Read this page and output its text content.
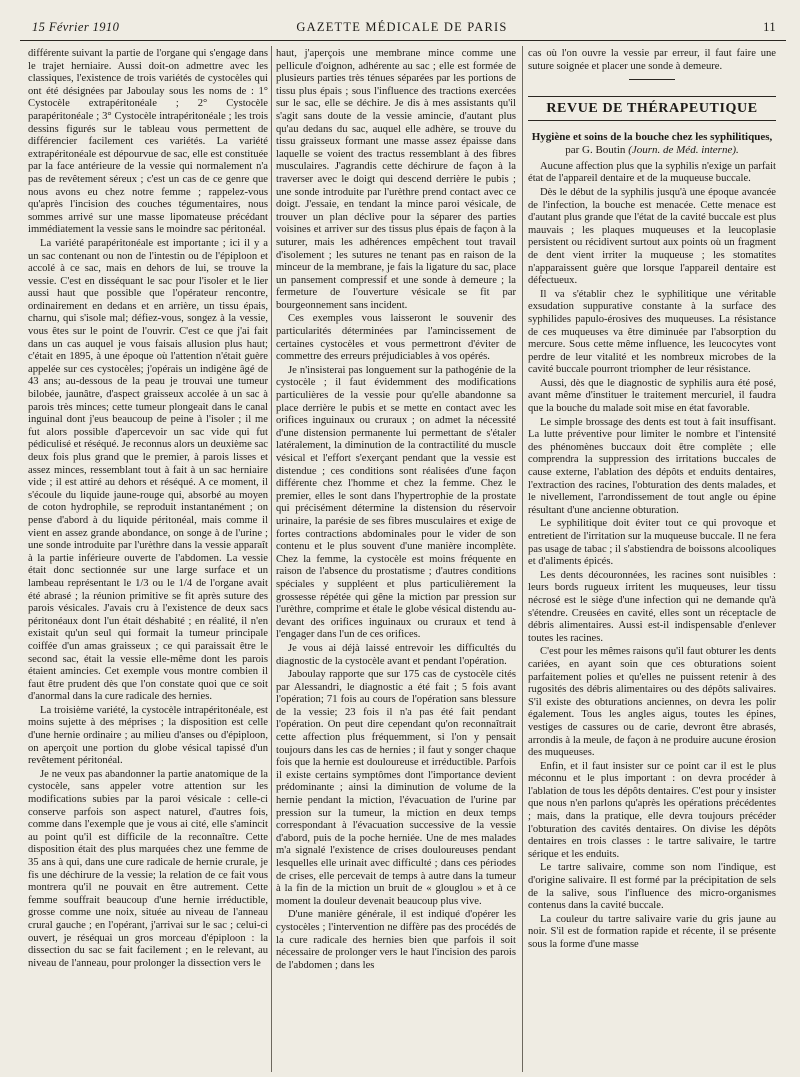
15 Février 1910	GAZETTE MÉDICALE DE PARIS	11

différente suivant la partie de l'organe qui s'engage dans le trajet herniaire. Aussi doit-on admettre avec les classiques, l'existence de trois variétés de cystocèles qui ont été désignées par Jaboulay sous les noms de : 1° Cystocèle extrapéritonéale ; 2° Cystocèle parapéritonéale ; 3° Cystocèle intrapéritonéale ; les trois dessins figurés sur le tableau vous permettent de différencier facilement ces variétés. La variété extrapéritonéale est dépourvue de sac, elle est constituée par la face antérieure de la vessie qui normalement n'a pas de revêtement séreux ; c'est un cas de ce genre que nous avons eu chez notre femme ; rappelez-vous qu'après l'incision des couches tégumentaires, nous sommes arrivé sur une masse lipomateuse précédant immédiatement la vessie sans le moindre sac péritonéal.

La variété parapéritonéale est importante ; ici il y a un sac contenant ou non de l'intestin ou de l'épiploon et accolé à ce sac, mais en dehors de lui, se trouve la vessie. C'est en disséquant le sac pour l'isoler et le lier aussi haut que possible que l'opérateur rencontre, ordinairement en dedans et en arrière, un tissu épais, charnu, qui s'isole mal; défiez-vous, songez à la vessie, vous êtes sur le point de l'ouvrir. C'est ce que j'ai fait dans un cas auquel je vous faisais allusion plus haut; c'était en 1895, à une époque où l'attention n'était guère appelée sur ces cystocèles; j'opérais un indigène âgé de 43 ans; au-dessous de la peau je trouvai une tumeur bilobée, jaunâtre, d'aspect graisseux accolée à un sac à parois très minces; cette tumeur plongeait dans le canal inguinal dont j'eus beaucoup de peine à l'isoler ; il me fut alors possible d'apercevoir un sac vide qui fut pédiculisé et réséqué. Je reconnus alors un deuxième sac deux fois plus grand que le premier, à parois lisses et assez minces, ressemblant tout à fait à un sac herniaire vide ; il est attiré au dehors et réséqué. A ce moment, il s'écoule du liquide jaune-rouge qui, absorbé au moyen de coton hydrophile, se reproduit instantanément ; on pense d'abord à du liquide péritonéal, mais comme il vient en assez grande abondance, on songe à de l'urine ; une sonde introduite par l'urèthre dans la vessie apparaît à la partie inférieure ouverte de l'abdomen. La vessie était donc sectionnée sur une large surface et un lambeau représentant le 1/3 ou le 1/4 de l'organe avait été abrasé ; la réunion primitive se fit après suture des parois vésicales. J'avais cru à l'existence de deux sacs péritonéaux dont l'un était déshabité ; en réalité, il n'en existait qu'un seul qui formait la tumeur principale coiffée d'un amas graisseux ; ce qui paraissait être le second sac, était la vessie elle-même dont les parois étaient amincies. Cet exemple vous montre combien il faut être prudent dès que l'on constate quoi que ce soit d'anormal dans la cure radicale des hernies.

La troisième variété, la cystocèle intrapéritonéale, est moins sujette à des méprises ; la disposition est celle d'une hernie ordinaire ; au milieu d'anses ou d'épiploon, on aperçoit une portion du globe vésical tapissé d'un revêtement péritonéal.

Je ne veux pas abandonner la partie anatomique de la cystocèle, sans appeler votre attention sur les modifications subies par la paroi vésicale : celle-ci conserve parfois son aspect naturel, d'autres fois, comme dans l'exemple que je vous ai cité, elle s'amincit au point qu'il est difficile de la reconnaître. Cette disposition était des plus marquées chez une femme de 35 ans à qui, dans une cure radicale de hernie crurale, je fis une déchirure de la vessie; la relation de ce fait vous montrera qu'il ne pouvait en être autrement. Cette femme souffrait beaucoup d'une hernie irréductible, grosse comme une noix, située au niveau de l'anneau crural gauche ; en l'opérant, j'arrivai sur le sac ; celui-ci ouvert, je réséquai un gros morceau d'épiploon : la dissection du sac se fait facilement ; en le relevant, au niveau de l'anneau, pour prolonger la dissection vers le

haut, j'aperçois une membrane mince comme une pellicule d'oignon, adhérente au sac ; elle est formée de plusieurs parties très ténues séparées par les portions de tissu plus épais ; sous l'influence des tractions exercées sur le sac, elle se déchire. Je dis à mes assistants qu'il s'agit sans doute de la vessie amincie, d'autant plus qu'au dedans du sac, auquel elle adhère, se trouve du tissu graisseux formant une masse assez épaisse dans laquelle se voient des tractus ressemblant à des fibres musculaires. J'agrandis cette déchirure de façon à la traverser avec le doigt qui descend derrière le pubis ; une sonde introduite par l'urèthre prend contact avec ce doigt. J'essaie, en tendant la mince paroi vésicale, de trouver un plan déclive pour la séparer des parties voisines et arriver sur des tissus plus épais de façon à la suturer, mais les adhérences empêchent tout travail d'isolement ; les sutures ne tenant pas en raison de la minceur de la membrane, je fais la ligature du sac, place un pansement compressif et une sonde à demeure ; la fermeture de l'ouverture vésicale se fit par bourgeonnement sans incident.

Ces exemples vous laisseront le souvenir des particularités déterminées par l'amincissement de certaines cystocèles et vous permettront d'éviter de commettre des erreurs préjudiciables à vos opérés.

Je n'insisterai pas longuement sur la pathogénie de la cystocèle ; il faut évidemment des modifications particulières de la vessie pour qu'elle abandonne sa place derrière le pubis et se mette en contact avec les orifices inguinaux ou cruraux ; on admet la nécessité d'une distension permanente lui permettant de s'étaler latéralement, la diminution de la contractilité du muscle vésical et l'effort s'exerçant pendant que la vessie est distendue ; ces conditions sont réalisées d'une façon différente chez l'homme et chez la femme. Chez le premier, elles le sont dans l'hypertrophie de la prostate qui précisément détermine la distension du réservoir urinaire, la parésie de ses fibres musculaires et exige de fortes contractions abdominales pour le vider de son contenu et le plus souvent d'une manière incomplète. Chez la femme, la cystocèle est moins fréquente en raison de l'absence du prostatisme ; d'autres conditions spéciales y suppléent et plus particulièrement la grossesse répétée qui gêne la miction par pression sur l'urèthre, comprime et étale le globe vésical distendu au-devant des orifices inguinaux ou cruraux et tend à l'engager dans l'un de ces orifices.

Je vous ai déjà laissé entrevoir les difficultés du diagnostic de la cystocèle avant et pendant l'opération.

Jaboulay rapporte que sur 175 cas de cystocèle cités par Alessandri, le diagnostic a été fait ; 5 fois avant l'opération; 71 fois au cours de l'opération sans blessure de la vessie; 23 fois il n'a pas été fait pendant l'opération. On peut dire cependant qu'on reconnaîtrait cette affection plus fréquemment, si l'on y pensait toujours dans les cas de hernies ; il faut y songer chaque fois que la hernie est douloureuse et irréductible. Parfois il existe certains symptômes dont l'importance devient prédominante ; ainsi la diminution de volume de la hernie pendant la miction, l'évacuation de l'urine par pression sur la tumeur, la miction en deux temps correspondant à l'évacuation successive de la vessie d'abord, puis de la poche herniée. Une de mes malades m'a signalé l'existence de crises douloureuses pendant lesquelles elle urinait avec difficulté ; dans ces périodes de crises, elle percevait de temps à autre dans la tumeur à la fin de la miction un bruit de « glouglou » et à ce moment la douleur devenait beaucoup plus vive.

D'une manière générale, il est indiqué d'opérer les cystocèles ; l'intervention ne diffère pas des procédés de la cure radicale des hernies bien que parfois il soit nécessaire de prolonger vers le haut l'incision des parois de l'abdomen ; dans les

cas où l'on ouvre la vessie par erreur, il faut faire une suture soignée et placer une sonde à demeure.

REVUE DE THÉRAPEUTIQUE
Hygiène et soins de la bouche chez les syphilitiques, par G. Boutin (Journ. de Méd. interne).

Aucune affection plus que la syphilis n'exige un parfait état de l'appareil dentaire et de la muqueuse buccale.

Dès le début de la syphilis jusqu'à une époque avancée de l'infection, la bouche est menacée. Cette menace est d'autant plus grande que l'état de la cavité buccale est plus mauvais ; les plaques muqueuses et la leucoplasie persistent ou récidivent surtout aux points où un fragment de dent vient irriter la muqueuse ; les stomatites n'apparaissent guère que lorsque l'appareil dentaire est défectueux.

Il va s'établir chez le syphilitique une véritable exsudation suppurative constante à la surface des syphilides papulo-érosives des muqueuses. La résistance de ces muqueuses va être diminuée par l'absorption du mercure. Sous cette même influence, les leucocytes vont perdre de leur vitalité et les nombreux microbes de la cavité buccale pourront triompher de leur résistance.

Aussi, dès que le diagnostic de syphilis aura été posé, avant même d'instituer le traitement mercuriel, il faudra que la bouche du malade soit mise en état favorable.

Le simple brossage des dents est tout à fait insuffisant. La lutte préventive pour limiter le nombre et l'intensité des phénomènes buccaux doit être complète ; elle comprendra la suppression des irritations buccales de cause externe, l'ablation des dépôts et enduits dentaires, l'extraction des racines, l'obturation des dents malades, et le nivellement, l'arrondissement de tout angle ou épine résultant d'une ancienne obturation.

Le syphilitique doit éviter tout ce qui provoque et entretient de l'irritation sur la muqueuse buccale. Il ne fera pas usage de tabac ; il s'abstiendra de boissons alcooliques et d'aliments épicés.

Les dents découronnées, les racines sont nuisibles : leurs bords rugueux irritent les muqueuses, leur tissu nécrosé est le siège d'une infection qui ne demande qu'à s'étendre. Creusées en cavité, elles sont un réceptacle de débris alimentaires. Aussi est-il indispensable d'enlever toutes les racines.

C'est pour les mêmes raisons qu'il faut obturer les dents cariées, en ayant soin que ces obturations soient parfaitement polies et qu'elles ne puissent retenir à des rugosités des débris alimentaires ou des dépôts salivaires. S'il existe des obturations anciennes, on devra les polir également. Tous les angles aigus, toutes les épines, vestiges de cassures ou de carie, devront être abrasés, arrondis à la meule, de façon à ne produire aucune érosion des muqueuses.

Enfin, et il faut insister sur ce point car il est le plus méconnu et le plus important : on devra procéder à l'ablation de tous les dépôts dentaires. C'est pour y insister que nous n'en parlons qu'après les opérations précédentes ; mais, dans la pratique, elle devra toujours précéder l'obturation des cavités dentaires. On divise les dépôts dentaires en trois classes : le tartre salivaire, le tartre sérique et les enduits.

Le tartre salivaire, comme son nom l'indique, est d'origine salivaire. Il est formé par la précipitation de sels de la salive, sous l'influence des micro-organismes contenus dans la cavité buccale.

La couleur du tartre salivaire varie du gris jaune au noir. S'il est de formation rapide et récente, il se présente sous la forme d'une masse
